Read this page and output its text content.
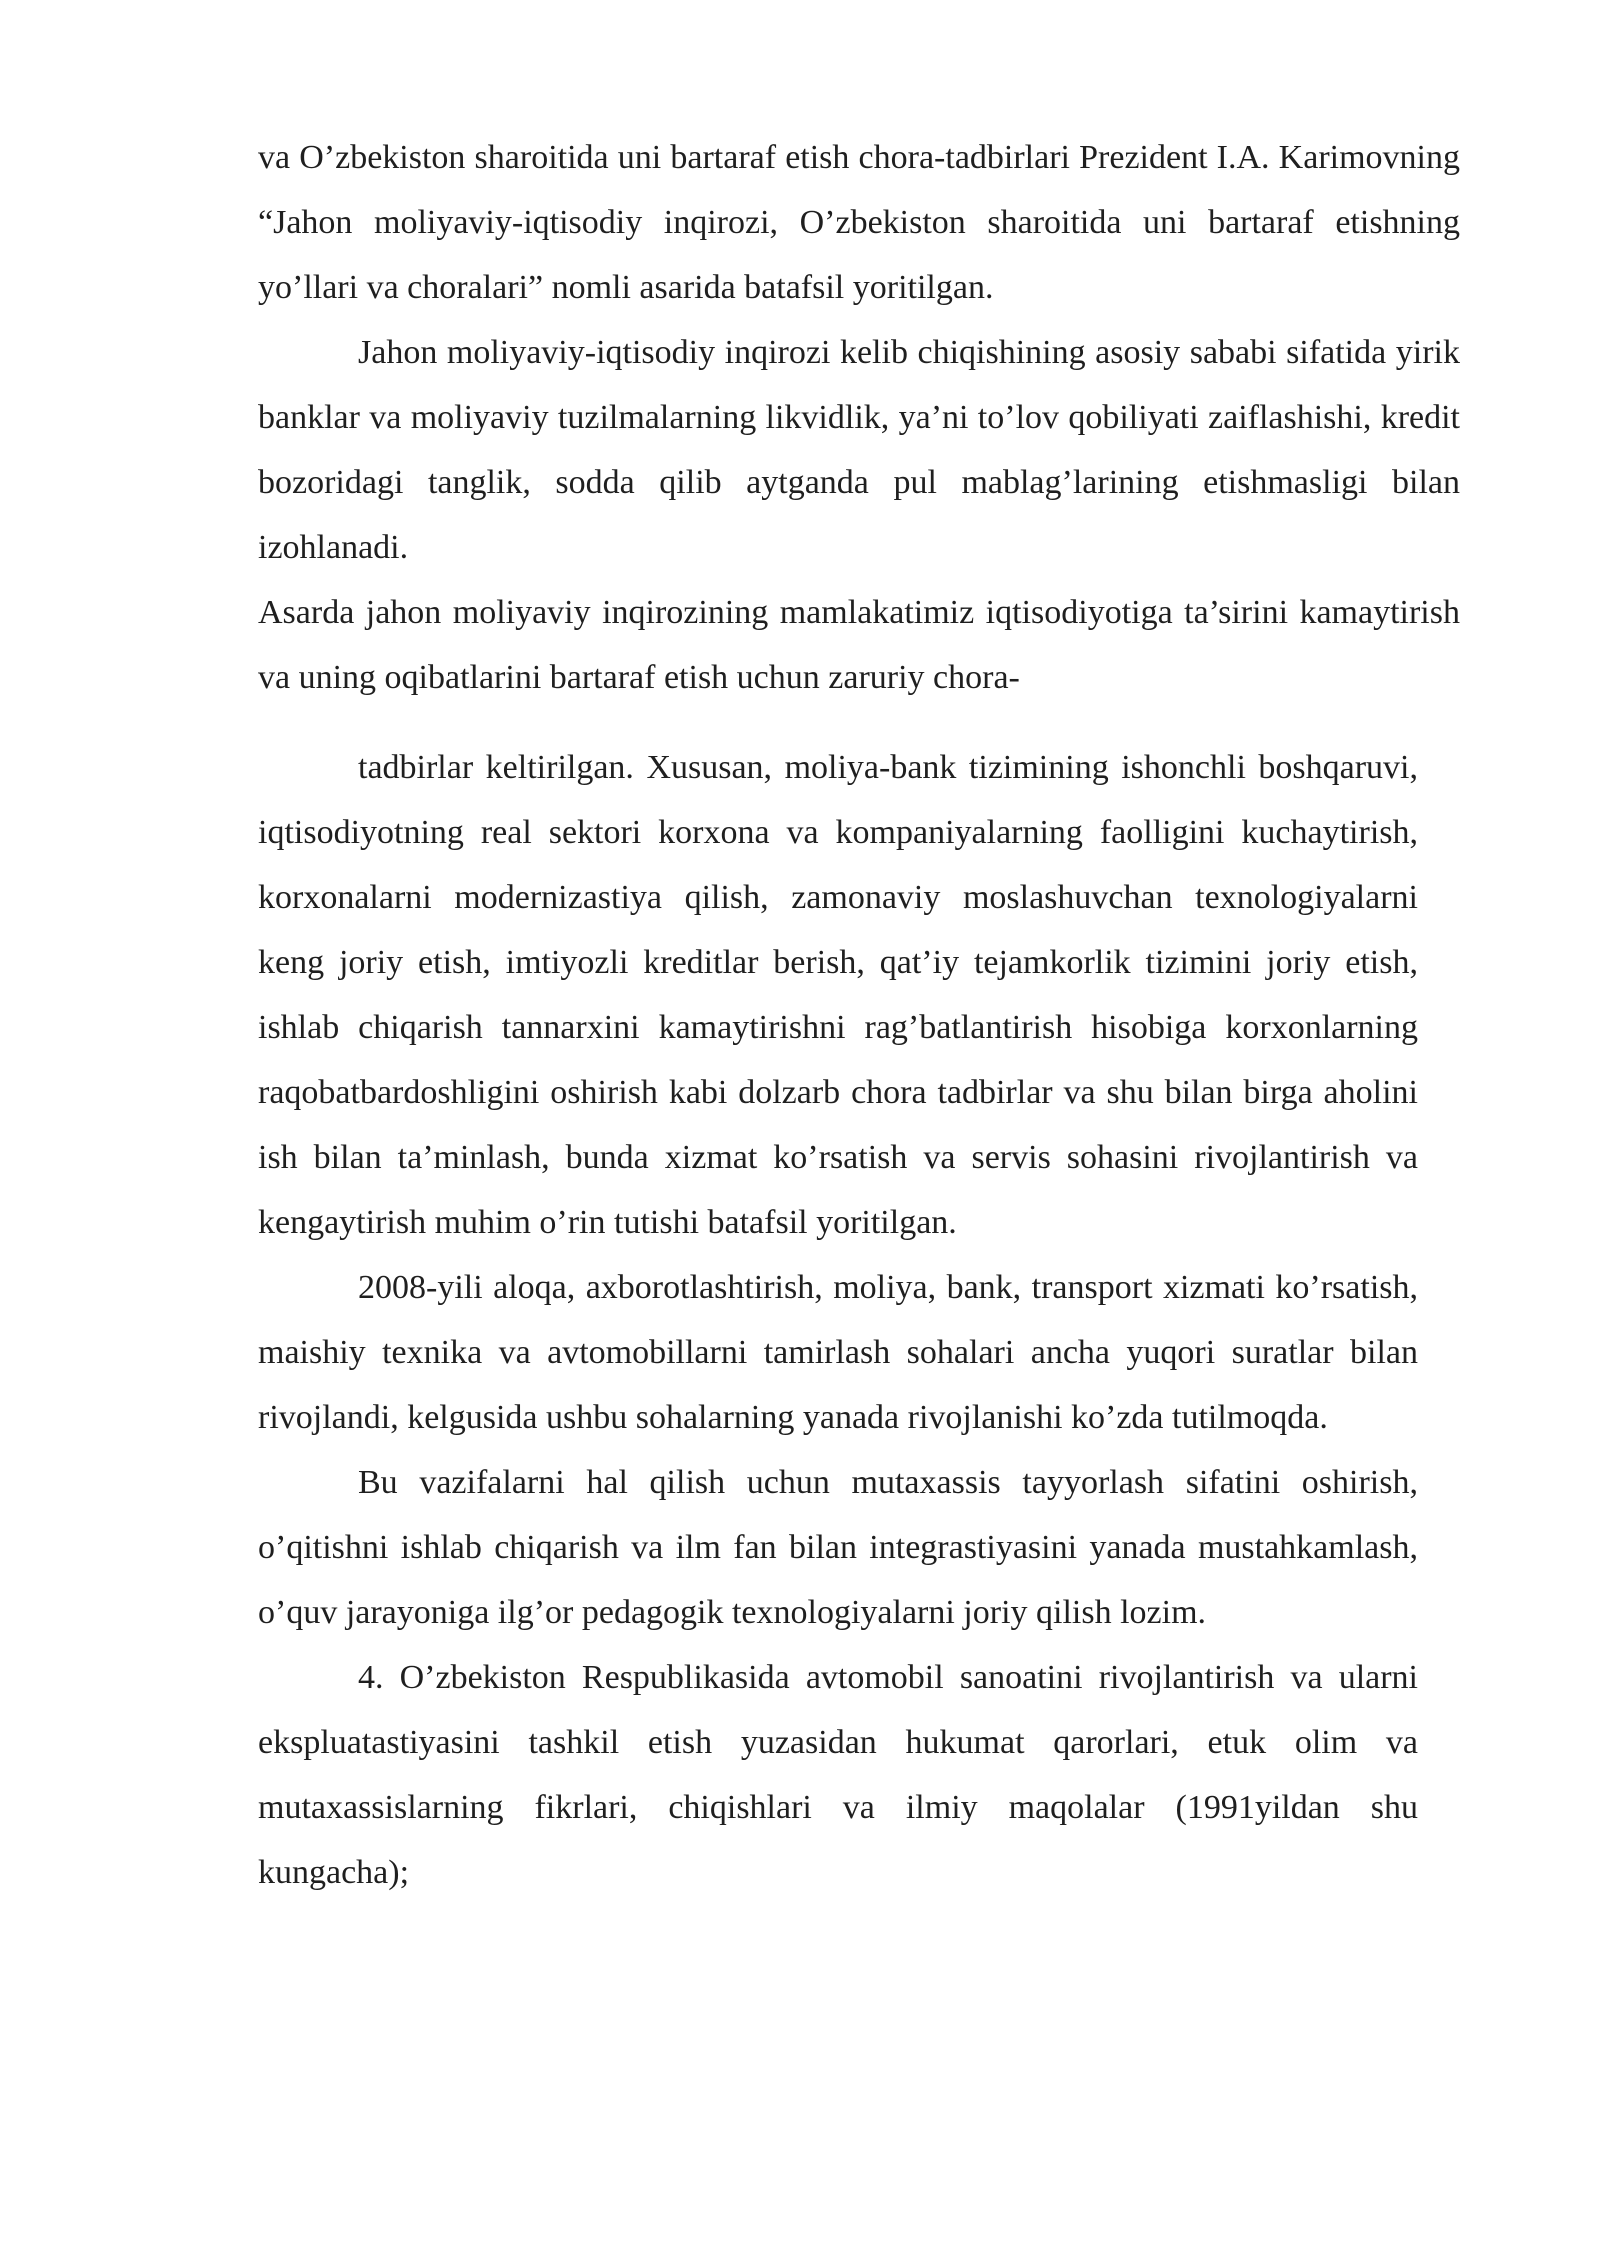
va O’zbekiston sharoitida uni bartaraf etish chora-tadbirlari Prezident I.A. Karimovning “Jahon moliyaviy-iqtisodiy inqirozi, O’zbekiston sharoitida uni bartaraf etishning yo’llari va choralari” nomli asarida batafsil yoritilgan.

Jahon moliyaviy-iqtisodiy inqirozi kelib chiqishining asosiy sababi sifatida yirik banklar va moliyaviy tuzilmalarning likvidlik, ya’ni to’lov qobiliyati zaiflashishi, kredit bozoridagi tanglik, sodda qilib aytganda pul mablag’larining etishmasligi bilan izohlanadi.

Asarda jahon moliyaviy inqirozining mamlakatimiz iqtisodiyotiga ta’sirini kamaytirish va uning oqibatlarini bartaraf etish uchun zaruriy chora-

tadbirlar keltirilgan. Xususan, moliya-bank tizimining ishonchli boshqaruvi, iqtisodiyotning real sektori korxona va kompaniyalarning faolligini kuchaytirish, korxonalarni modernizastiya qilish, zamonaviy moslashuvchan texnologiyalarni keng joriy etish, imtiyozli kreditlar berish, qat’iy tejamkorlik tizimini joriy etish, ishlab chiqarish tannarxini kamaytirishni rag’batlantirish hisobiga korxonlarning raqobatbardoshligini oshirish kabi dolzarb chora tadbirlar va shu bilan birga aholini ish bilan ta’minlash, bunda xizmat ko’rsatish va servis sohasini rivojlantirish va kengaytirish muhim o’rin tutishi batafsil yoritilgan.

2008-yili aloqa, axborotlashtirish, moliya, bank, transport xizmati ko’rsatish, maishiy texnika va avtomobillarni tamirlash sohalari ancha yuqori suratlar bilan rivojlandi, kelgusida ushbu sohalarning yanada rivojlanishi ko’zda tutilmoqda.

Bu vazifalarni hal qilish uchun mutaxassis tayyorlash sifatini oshirish, o’qitishni ishlab chiqarish va ilm fan bilan integrastiyasini yanada mustahkamlash, o’quv jarayoniga ilg’or pedagogik texnologiyalarni joriy qilish lozim.

4. O’zbekiston Respublikasida avtomobil sanoatini rivojlantirish va ularni ekspluatastiyasini tashkil etish yuzasidan hukumat qarorlari, etuk olim va mutaxassislarning fikrlari, chiqishlari va ilmiy maqolalar (1991yildan shu kungacha);
